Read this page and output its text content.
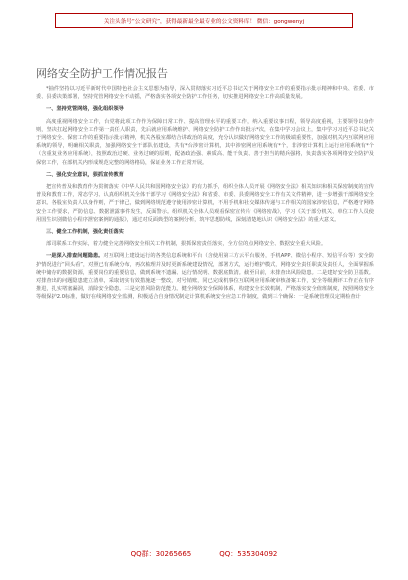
关注头条号“公文研究”，获得最新最全最专业的公文资料库！ 微信：gongwenyj
网络安全防护工作情况报告

*抽件坚持以习近平新时代中国特色社会主义思想为指导，深入贯彻落实习近平总书记关于网络安全工作的重要指示批示精神和中央、省委、市委、县委决策部署，坚持党管网络安全不动摇，严格落实各项安全防护工作任务，切实推进网络安全工作高质量发展。

一、坚持党管网络，强化组织领导

高度重视网络安全工作，台党将此项工作作为保障日常工作、提高管理水平的重要工作，纳入重要议事日程，领导高度重视，主要领导以身作则，坚决扛起网络安全工作第一责任人职责，先后就应用系统维护、网络安全防护工作作出批示*次，在集中学习会议上，集中学习习近平总书记关于网络安全、保密工作的重要指示批示精神，机关各股室都结合讲政治的高度，充分认识做好网络安全工作的极端重要性，加强对机关内互联网应用系统的领导，明确相关职责，加强网络安全干部队伍建设，共有*台涉密计算机，其中涉密网应用系统有*个，非涉密计算机上运行应用系统有*个（含重复业务应用系统），按照政治过硬、业务过硬的原则，配备政治强、素质高、能干负责、善于担当的精兵强将，负责落实各项网络安全防护及保密工作，在部机关内形成规范完整的网络格局，保证业务工作正常开展。

二、强化安全意识，狠抓宣传教育

把宣传普及和教育作为贯彻落实《中华人民共和国网络安全法》的有力抓手，组织全体人员开展《网络安全法》相关知识和相关保密制度的宣传普及和教育工作，常态学习、认真组织机关全体干部学习《网络安全法》和省委、市委、县委网络安全工作有关文件精神，进一步增强干部网络安全意识。各股室负责人以身作则，严于律己，做到网络规范遵守使用涉密计算机，不用手机和社交媒体传递与工作相关的国家涉密信息，严格遵守网络安全工作要求，严防信息、数据泄露事件发生，反面警示。组织机关全体人员观看保密宣传片《网络密战》，学习《关于部分机关、单位工作人员使用国生识别微信小程序泄密案例的通报》，通过对反面典型的案例分析，筑牢思想防线，深刻清楚地认识《网络安全法》的重大意义。

三、健全工作机制，强化责任落实

部司联系工作实际，着力健全完善网络安全相关工作机制，狠抓保密责任落实，全方位的点网络安全、数据安全重大风险。

一是深入排查问题隐患。对互联网上建设运行的各类信息系统和平台（含使用第三方云平台服务，手机APP、微信小程序、短信平台等）安全防护情况进行“回头看”，对照已有系统分布，再次梳理并及时更新系统建设情况，部署方式，运行维护模式，网络安全责任职责及责任人，全面掌握系统中储存的数据资源，重要岗位的重要信息，做到系统不遗漏、运行情况明、数据底数清。截至目前，未排查出风险隐患。二是建好安全防卫基数。对排查出的问题隐患建立清单，采取切实有效措施逐一整改，对号销账，同已完成机事位互联网应用系统审核备案工作，安全等级测评工作正在有序推进，扎实堵塞漏洞，消除安全隐患。三是完善风险防范能力。健全网络安全保障体系，构建安全长效机制，严格落实安全值班制度，按照网络安全等级保护2.0标准，做好在线网络安全监测，积极适合自身情况制定计算机系统安全应急工作制度，做到三个确保：一是系统管理员定期检查计

QQ群：30265665	QQ：535304092
